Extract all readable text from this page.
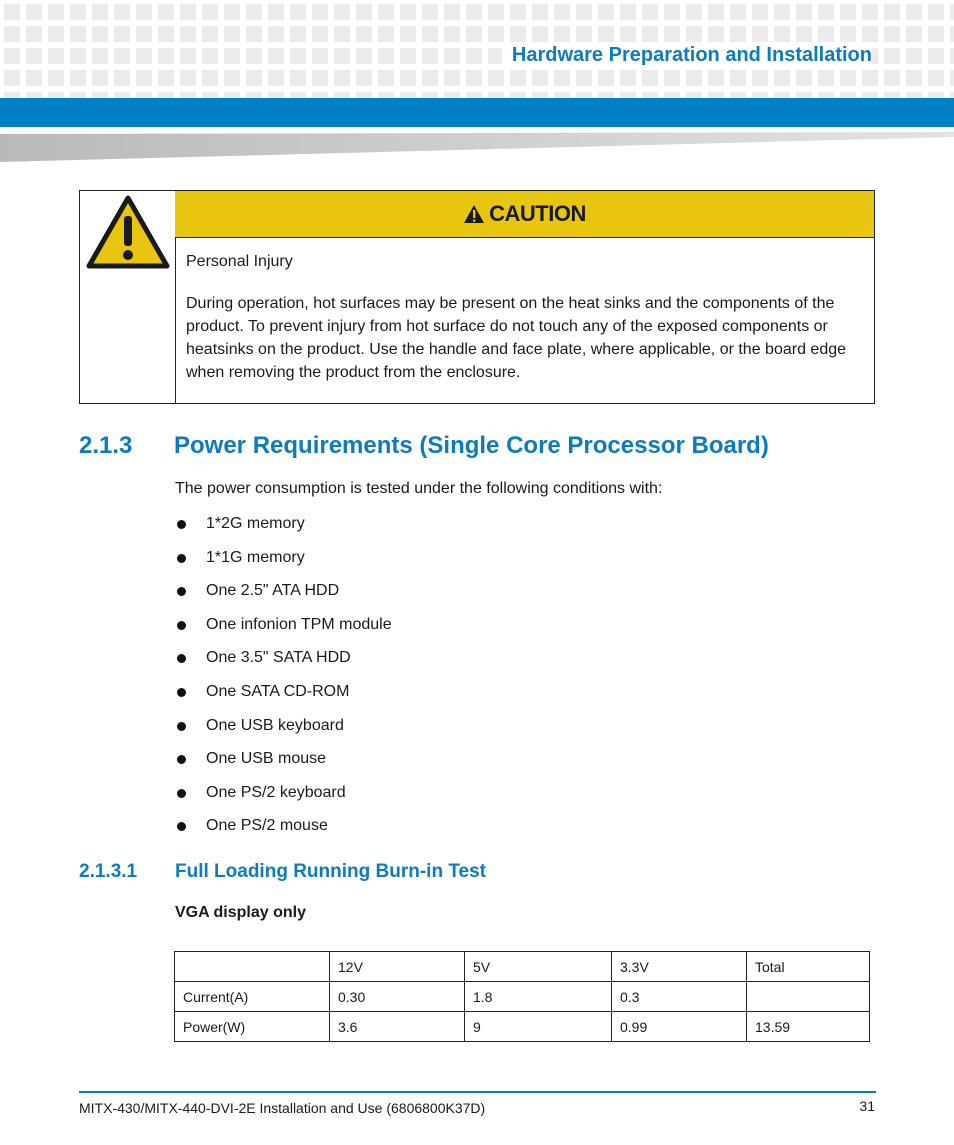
Hardware Preparation and Installation
CAUTION
Personal Injury
During operation, hot surfaces may be present on the heat sinks and the components of the product. To prevent injury from hot surface do not touch any of the exposed components or heatsinks on the product. Use the handle and face plate, where applicable, or the board edge when removing the product from the enclosure.
2.1.3 Power Requirements (Single Core Processor Board)
The power consumption is tested under the following conditions with:
1*2G memory
1*1G memory
One 2.5" ATA HDD
One infonion TPM module
One 3.5" SATA HDD
One SATA CD-ROM
One USB keyboard
One USB mouse
One PS/2 keyboard
One PS/2 mouse
2.1.3.1 Full Loading Running Burn-in Test
VGA display only
	12V	5V	3.3V	Total
Current(A)	0.30	1.8	0.3	
Power(W)	3.6	9	0.99	13.59
MITX-430/MITX-440-DVI-2E Installation and Use (6806800K37D)	31
